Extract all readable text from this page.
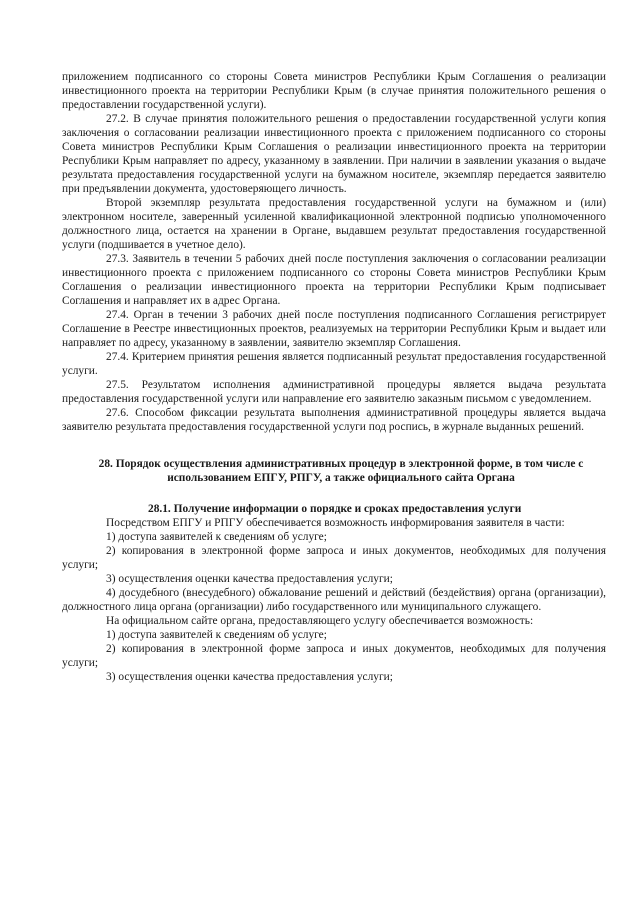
приложением подписанного со стороны Совета министров Республики Крым Соглашения о реализации инвестиционного проекта на территории Республики Крым (в случае принятия положительного решения о предоставлении государственной услуги).

27.2. В случае принятия положительного решения о предоставлении государственной услуги копия заключения о согласовании реализации инвестиционного проекта с приложением подписанного со стороны Совета министров Республики Крым Соглашения о реализации инвестиционного проекта на территории Республики Крым направляет по адресу, указанному в заявлении. При наличии в заявлении указания о выдаче результата предоставления государственной услуги на бумажном носителе, экземпляр передается заявителю при предъявлении документа, удостоверяющего личность.

Второй экземпляр результата предоставления государственной услуги на бумажном и (или) электронном носителе, заверенный усиленной квалификационной электронной подписью уполномоченного должностного лица, остается на хранении в Органе, выдавшем результат предоставления государственной услуги (подшивается в учетное дело).

27.3. Заявитель в течении 5 рабочих дней после поступления заключения о согласовании реализации инвестиционного проекта с приложением подписанного со стороны Совета министров Республики Крым Соглашения о реализации инвестиционного проекта на территории Республики Крым подписывает Соглашения и направляет их в адрес Органа.

27.4. Орган в течении 3 рабочих дней после поступления подписанного Соглашения регистрирует Соглашение в Реестре инвестиционных проектов, реализуемых на территории Республики Крым и выдает или направляет по адресу, указанному в заявлении, заявителю экземпляр Соглашения.

27.4. Критерием принятия решения является подписанный результат предоставления государственной услуги.

27.5. Результатом исполнения административной процедуры является выдача результата предоставления государственной услуги или направление его заявителю заказным письмом с уведомлением.

27.6. Способом фиксации результата выполнения административной процедуры является выдача заявителю результата предоставления государственной услуги под роспись, в журнале выданных решений.

28. Порядок осуществления административных процедур в электронной форме, в том числе с использованием ЕПГУ, РПГУ, а также официального сайта Органа

28.1. Получение информации о порядке и сроках предоставления услуги

Посредством ЕПГУ и РПГУ обеспечивается возможность информирования заявителя в части:

1) доступа заявителей к сведениям об услуге;

2) копирования в электронной форме запроса и иных документов, необходимых для получения услуги;

3) осуществления оценки качества предоставления услуги;

4) досудебного (внесудебного) обжалование решений и действий (бездействия) органа (организации), должностного лица органа (организации) либо государственного или муниципального служащего.

На официальном сайте органа, предоставляющего услугу обеспечивается возможность:

1) доступа заявителей к сведениям об услуге;

2) копирования в электронной форме запроса и иных документов, необходимых для получения услуги;

3) осуществления оценки качества предоставления услуги;
